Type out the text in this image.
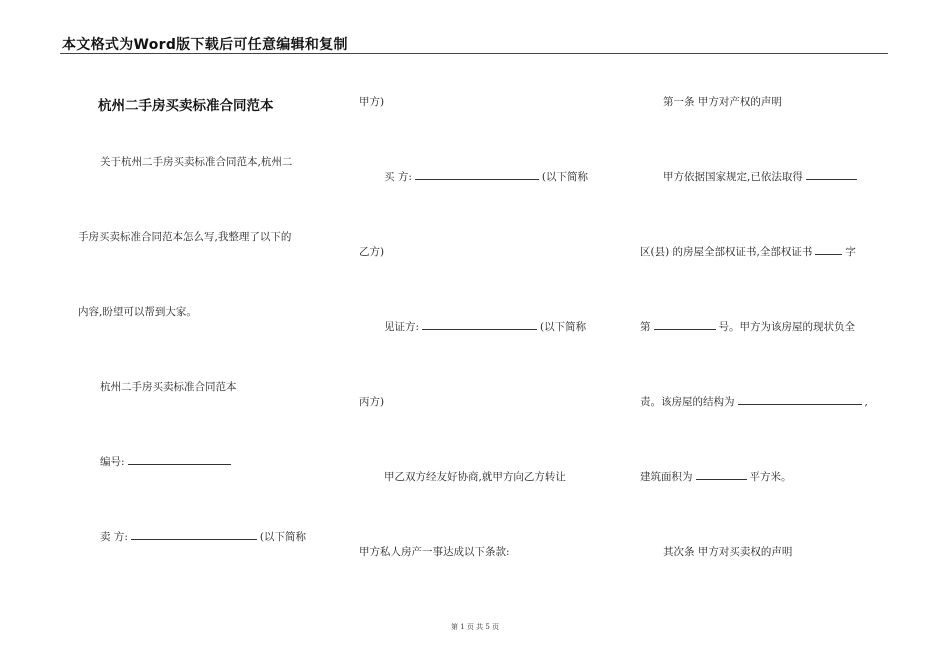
本文格式为Word版下载后可任意编辑和复制
杭州二手房买卖标准合同范本
关于杭州二手房买卖标准合同范本,杭州二
手房买卖标准合同范本怎么写,我整理了以下的
内容,盼望可以帮到大家。
杭州二手房买卖标准合同范本
编号:
卖 方:	(以下简称
甲方)
买 方:	(以下简称
乙方)
见证方:	(以下简称
丙方)
甲乙双方经友好协商,就甲方向乙方转让
甲方私人房产一事达成以下条款:
第一条 甲方对产权的声明
甲方依据国家规定,已依法取得
区(县) 的房屋全部权证书,全部权证书	字
第	号。甲方为该房屋的现状负全
责。该房屋的结构为	,
建筑面积为	平方米。
其次条 甲方对买卖权的声明
第 1 页 共 5 页
